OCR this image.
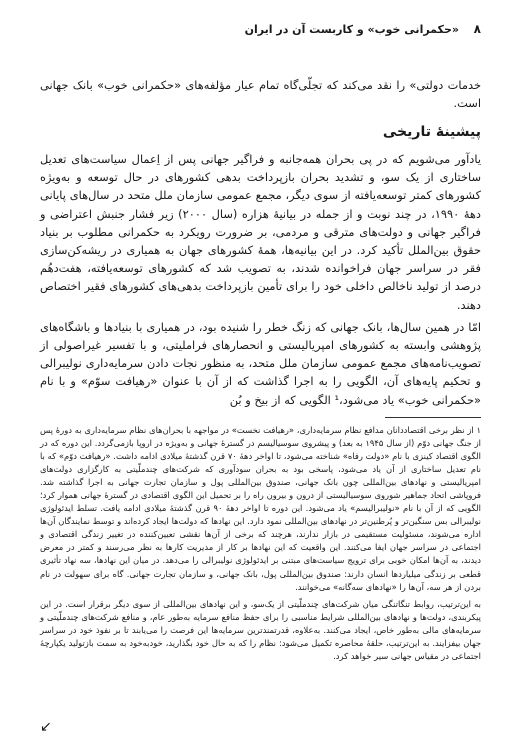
۸
«حکمرانی خوب» و کاربست آن در ایران

خدمات دولتی» را نقد می‌کند که تجلّی‌گاه تمام عیار مؤلفه‌های «حکمرانی خوب» بانک جهانی است.

پیشینهٔ تاریخی

یادآور می‌شویم که در پی بحران همه‌جانبه و فراگیر جهانی پس از اِعمال سیاست‌های تعدیل ساختاری از یک سو، و تشدید بحران بازپرداخت بدهی کشورهای در حال توسعه و به‌ویژه کشورهای کمتر توسعه‌یافته از سوی دیگر، مجمع عمومی سازمان ملل متحد در سال‌های پایانی دههٔ ۱۹۹۰، در چند نوبت و از جمله در بیانیهٔ هزاره (سال ۲۰۰۰) زیر فشار جنبش اعتراضی و فراگیر جهانی و دولت‌های مترقی و مردمی، بر ضرورت رویکرد به حکمرانی مطلوب بر بنیاد حقوق بین‌الملل تأکید کرد. در این بیانیه‌ها، همهٔ کشورهای جهان به همیاری در ریشه‌کن‌سازی فقر در سراسر جهان فراخوانده شدند، به تصویب شد که کشورهای توسعه‌یافته، هفت‌دهُم درصد از تولید ناخالص داخلی خود را برای تأمین بازپرداخت بدهی‌های کشورهای فقیر اختصاص دهند.

امّا در همین سال‌ها، بانک جهانی که زنگ خطر را شنیده بود، در همیاری با بنیادها و باشگاه‌های پژوهشی وابسته به کشورهای امپریالیستی و انحصارهای فراملیتی، و با تفسیر غیراصولی از تصویب‌نامه‌های مجمع عمومی سازمان ملل متحد، به منظور نجات دادن سرمایه‌داری نولیبرالی و تحکیم پایه‌های آن، الگویی را به اجرا گذاشت که از آن با عنوان «رهیافت سوّم» و با نام «حکمرانی خوب» یاد می‌شود،¹ الگویی که از بیخ و بُن

۱ از نظر برخی اقتصاددانان مدافع نظام سرمایه‌داری، «رهیافت نخست» در مواجهه با بحران‌های نظام سرمایه‌داری به دورهٔ پس از جنگ جهانی دوّم (از سال ۱۹۴۵ به بعد) و پیشروی سوسیالیسم در گسترهٔ جهانی و به‌ویژه در اروپا بازمی‌گردد. این دوره که در الگوی اقتصاد کینزی با نام «دولت رفاه» شناخته می‌شود، تا اواخر دههٔ ۷۰ قرن گذشتهٔ میلادی ادامه داشت. «رهیافت دوّم» که با نام تعدیل ساختاری از آن یاد می‌شود، پاسخی بود به بحران سودآوری که شرکت‌های چندملّیتی به کارگزاری دولت‌های امپریالیستی و نهادهای بین‌المللی چون بانک جهانی، صندوق بین‌المللی پول و سازمان تجارت جهانی به اجرا گذاشته شد. فروپاشی اتحاد جماهیر شوروی سوسیالیستی از درون و بیرون راه را بر تحمیل این الگوی اقتصادی در گسترهٔ جهانی هموار کرد؛ الگویی که از آن با نام «نولیبرالیسم» یاد می‌شود. این دوره تا اواخر دههٔ ۹۰ قرن گذشتهٔ میلادی ادامه یافت. تسلط ایدئولوژی نولیبرالی بس سنگین‌تر و پُرطنین‌تر در نهادهای بین‌المللی نمود دارد. این نهادها که دولت‌ها ایجاد کرده‌اند و توسط نمایندگان آن‌ها اداره می‌شوند، مسئولیت مستقیمی در بازار ندارند، هرچند که برخی از آن‌ها نقشی تعیین‌کننده در تغییر زندگی اقتصادی و اجتماعی در سراسر جهان ایفا می‌کنند. این واقعیت که این نهادها بر کار از مدیریت کارها به نظر می‌رسند و کمتر در معرض دیدند، به آن‌ها امکان خوبی برای ترویج سیاست‌های مبتنی بر ایدئولوژی نولیبرالی را می‌دهد. در میان این نهادها، سه نهاد تأثیری قطعی بر زندگی میلیاردها انسان دارند: صندوق بین‌المللی پول، بانک جهانی، و سازمان تجارت جهانی. گاه برای سهولت در نام بردن از هر سه، آن‌ها را «نهادهای سه‌گانه» می‌خوانند.

به این‌ترتیب، روابط تنگاتنگی میان شرکت‌های چندملّیتی از یک‌سو، و این نهادهای بین‌المللی از سوی دیگر برقرار است. در این پیکربندی، دولت‌ها و نهادهای بین‌المللی شرایط مناسبی را برای حفظ منافع سرمایه به‌طور عام، و منافع شرکت‌های چندملّیتی و سرمایه‌های مالی به‌طور خاص، ایجاد می‌کنند. به‌علاوه، قدرتمندترین سرمایه‌ها این فرصت را می‌یابند تا بر نفوذ خود در سراسر جهان بیفزایند. به این‌ترتیب، حلقهٔ محاصره تکمیل می‌شود: نظام را که به حال خود بگذارید، خودبه‌خود به سمت بازتولید یکپارچهٔ اجتماعی در مقیاس جهانی سیر خواهد کرد.

↙
